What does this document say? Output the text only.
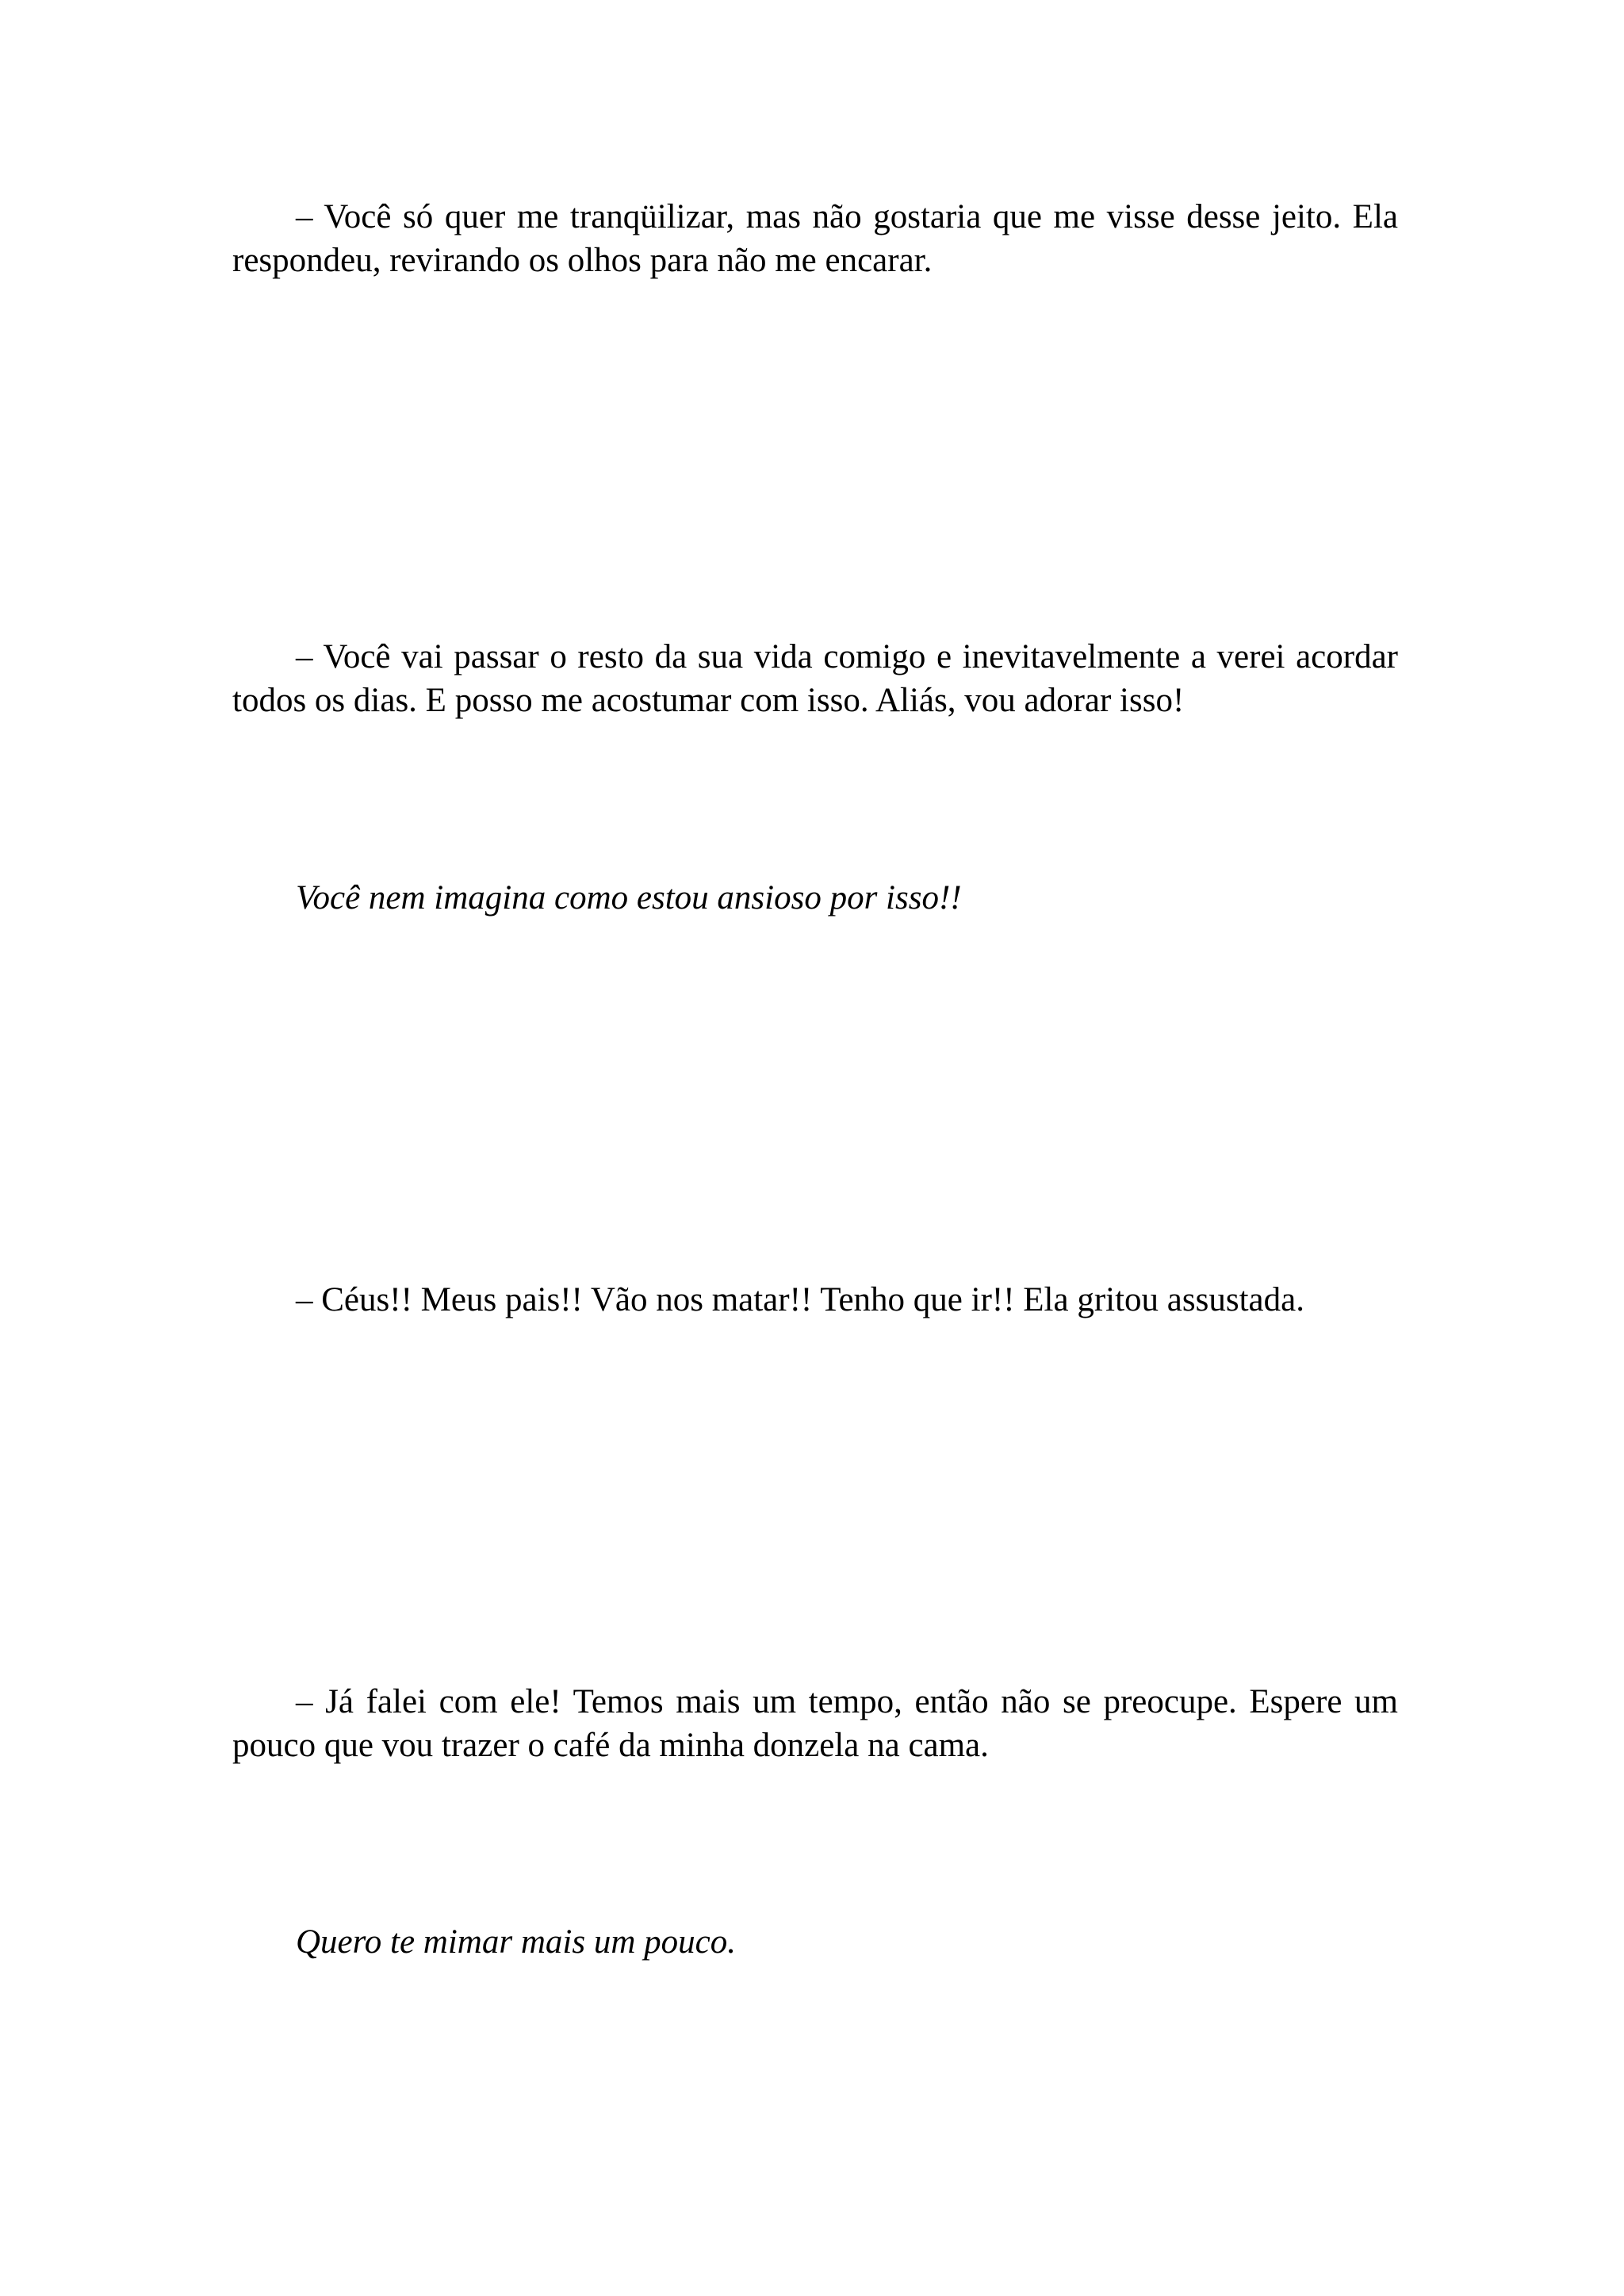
– Você só quer me tranqüilizar, mas não gostaria que me visse desse jeito. Ela respondeu, revirando os olhos para não me encarar.

– Você vai passar o resto da sua vida comigo e inevitavelmente a verei acordar todos os dias. E posso me acostumar com isso. Aliás, vou adorar isso!

Você nem imagina como estou ansioso por isso!!

– Céus!! Meus pais!! Vão nos matar!! Tenho que ir!! Ela gritou assustada.

– Já falei com ele! Temos mais um tempo, então não se preocupe. Espere um pouco que vou trazer o café da minha donzela na cama.

Quero te mimar mais um pouco.
